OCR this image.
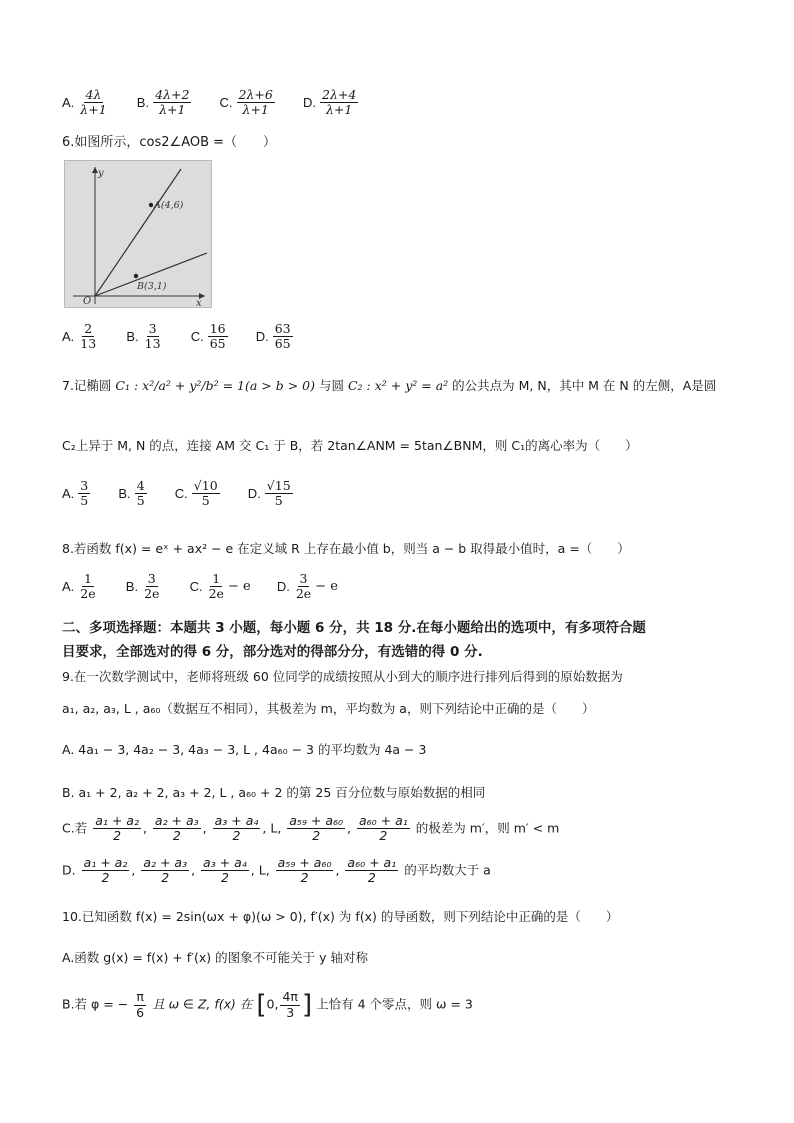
A. $\frac{4\lambda}{\lambda+1}$
B. $\frac{4\lambda+2}{\lambda+1}$
C. $\frac{2\lambda+6}{\lambda+1}$
D. $\frac{2\lambda+4}{\lambda+1}$
6.如图所示，cos2∠AOB =（　　）
y
x
O
A(4,6)
B(3,1)
A. $\frac{2}{13}$
B. $\frac{3}{13}$
C. $\frac{16}{65}$
D. $\frac{63}{65}$
7.记椭圆 C₁ : x²/a² + y²/b² = 1(a > b > 0) 与圆 C₂ : x² + y² = a² 的公共点为 M, N，其中 M 在 N 的左侧，A是圆
C₂上异于 M, N 的点，连接 AM 交 C₁ 于 B，若 2tan∠ANM = 5tan∠BNM，则 C₁的离心率为（　　）
A. $\frac{3}{5}$
B. $\frac{4}{5}$
C. $\frac{√10}{5}$
D. $\frac{√15}{5}$
8.若函数 f(x) = eˣ + ax² − e 在定义域 R 上存在最小值 b，则当 a − b 取得最小值时，a =（　　）
A. $\frac{1}{2e}$
B. $\frac{3}{2e}$
C. $\frac{1}{2e} - e$
D. $\frac{3}{2e} - e$
二、多项选择题：本题共 3 小题，每小题 6 分，共 18 分.在每小题给出的选项中，有多项符合题
目要求，全部选对的得 6 分，部分选对的得部分分，有选错的得 0 分.
9.在一次数学测试中，老师将班级 60 位同学的成绩按照从小到大的顺序进行排列后得到的原始数据为
a₁, a₂, a₃, L , a₆₀（数据互不相同），其极差为 m，平均数为 a，则下列结论中正确的是（　　）
A. 4a₁ − 3, 4a₂ − 3, 4a₃ − 3, L , 4a₆₀ − 3 的平均数为 4a − 3
B. a₁ + 2, a₂ + 2, a₃ + 2, L , a₆₀ + 2 的第 25 百分位数与原始数据的相同
C.若 $\frac{\text{a₁ + a₂}}{2}$ , $\frac{\text{a₂ + a₃}}{2}$ , $\frac{\text{a₃ + a₄}}{2}$ , L, $\frac{\text{a₅₉ + a₆₀}}{2}$ , $\frac{\text{a₆₀ + a₁}}{2}$ 的极差为 m′，则 m′ < m
D. $\frac{\text{a₁ + a₂}}{2}$ , $\frac{\text{a₂ + a₃}}{2}$ , $\frac{\text{a₃ + a₄}}{2}$ , L, $\frac{\text{a₅₉ + a₆₀}}{2}$ , $\frac{\text{a₆₀ + a₁}}{2}$ 的平均数大于 a
10.已知函数 f(x) = 2sin(ωx + φ)(ω > 0), f′(x) 为 f(x) 的导函数，则下列结论中正确的是（　　）
A.函数 g(x) = f(x) + f′(x) 的图象不可能关于 y 轴对称
B.若 φ = − $\frac{\pi}{6}$ 且 ω ∈ Z, f(x) 在 [0, $\frac{4\pi}{3}$ ] 上恰有 4 个零点，则 ω = 3
